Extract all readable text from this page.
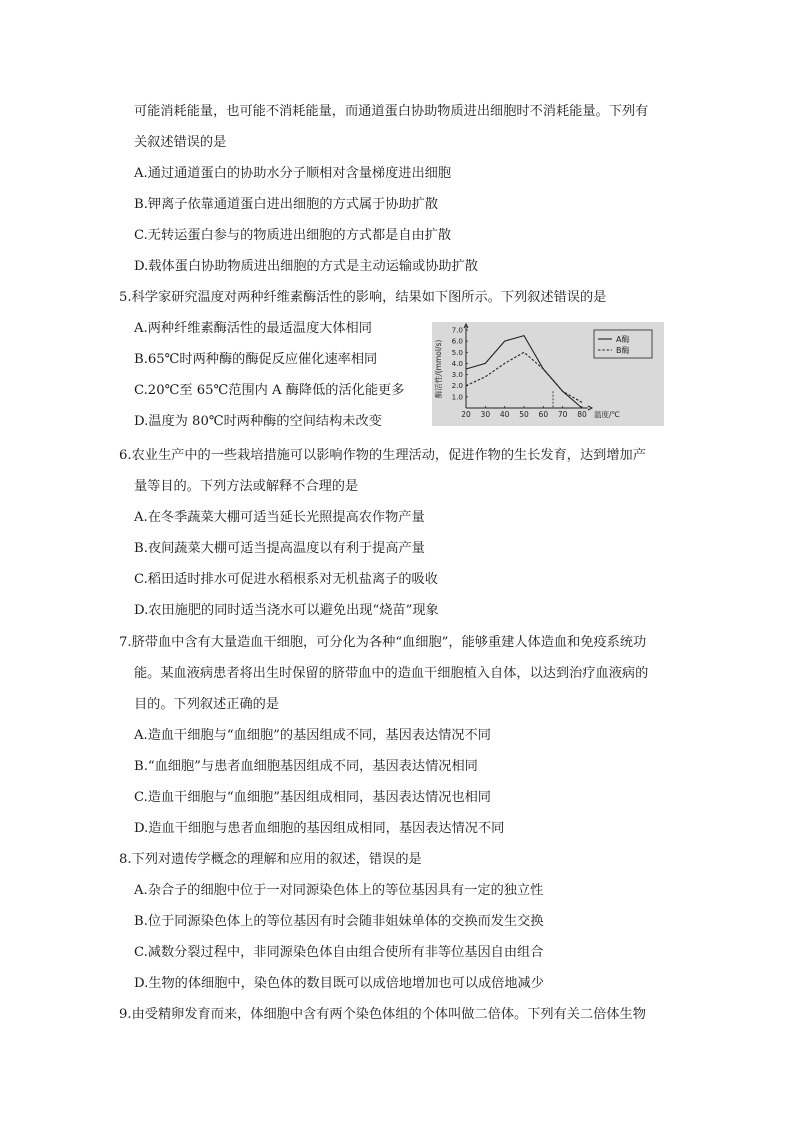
可能消耗能量，也可能不消耗能量，而通道蛋白协助物质进出细胞时不消耗能量。下列有
关叙述错误的是
A.通过通道蛋白的协助水分子顺相对含量梯度进出细胞
B.钾离子依靠通道蛋白进出细胞的方式属于协助扩散
C.无转运蛋白参与的物质进出细胞的方式都是自由扩散
D.载体蛋白协助物质进出细胞的方式是主动运输或协助扩散
5.科学家研究温度对两种纤维素酶活性的影响，结果如下图所示。下列叙述错误的是
A.两种纤维素酶活性的最适温度大体相同
B.65℃时两种酶的酶促反应催化速率相同
C.20℃至 65℃范围内 A 酶降低的活化能更多
D.温度为 80℃时两种酶的空间结构未改变	20 30 40 50 60 70 80
1.0
2.0
3.0
4.0
5.0
6.0
7.0
酶活性/(mmol/s)
温度/℃
A酶
B酶
6.农业生产中的一些栽培措施可以影响作物的生理活动，促进作物的生长发育，达到增加产
量等目的。下列方法或解释不合理的是
A.在冬季蔬菜大棚可适当延长光照提高农作物产量
B.夜间蔬菜大棚可适当提高温度以有利于提高产量
C.稻田适时排水可促进水稻根系对无机盐离子的吸收
D.农田施肥的同时适当浇水可以避免出现“烧苗”现象
7.脐带血中含有大量造血干细胞，可分化为各种“血细胞”，能够重建人体造血和免疫系统功
能。某血液病患者将出生时保留的脐带血中的造血干细胞植入自体，以达到治疗血液病的
目的。下列叙述正确的是
A.造血干细胞与“血细胞”的基因组成不同，基因表达情况不同
B.“血细胞”与患者血细胞基因组成不同，基因表达情况相同
C.造血干细胞与“血细胞”基因组成相同，基因表达情况也相同
D.造血干细胞与患者血细胞的基因组成相同，基因表达情况不同
8.下列对遗传学概念的理解和应用的叙述，错误的是
A.杂合子的细胞中位于一对同源染色体上的等位基因具有一定的独立性
B.位于同源染色体上的等位基因有时会随非姐妹单体的交换而发生交换
C.减数分裂过程中，非同源染色体自由组合使所有非等位基因自由组合
D.生物的体细胞中，染色体的数目既可以成倍地增加也可以成倍地减少
9.由受精卵发育而来，体细胞中含有两个染色体组的个体叫做二倍体。下列有关二倍体生物
